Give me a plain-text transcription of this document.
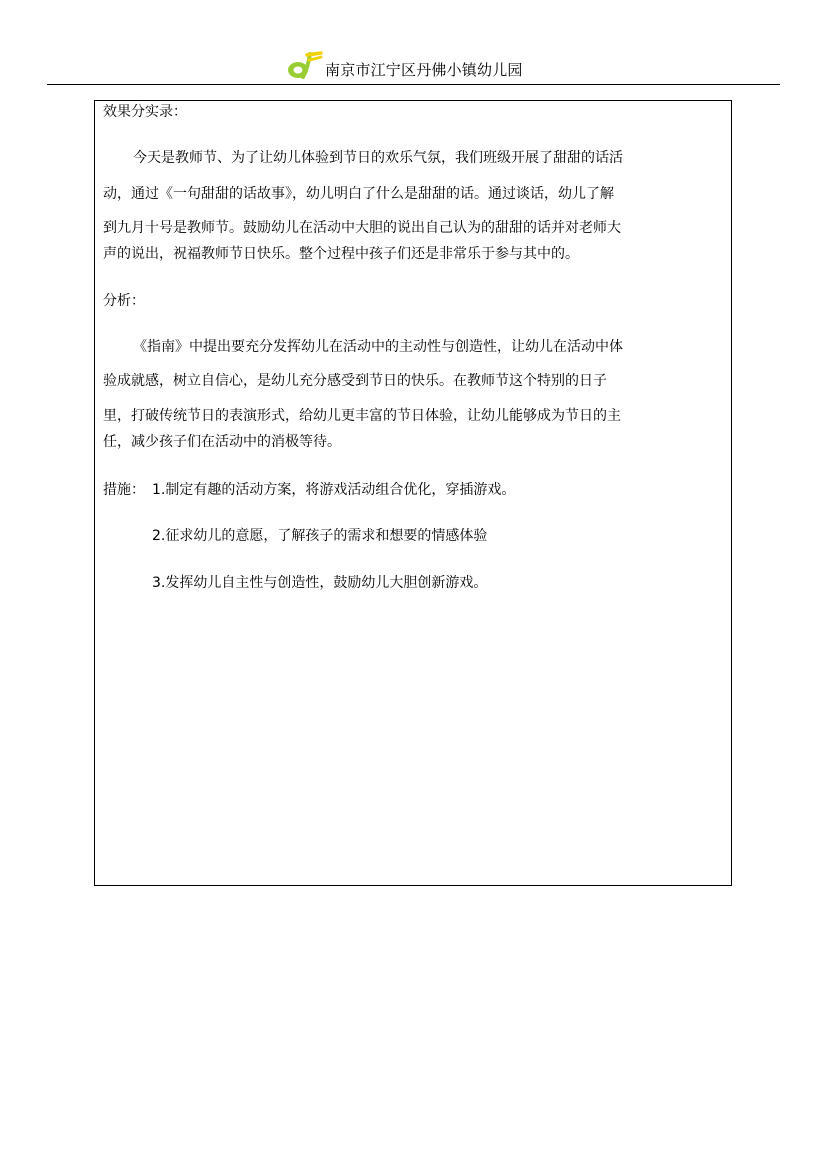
南京市江宁区丹佛小镇幼儿园
效果分实录：
今天是教师节、为了让幼儿体验到节日的欢乐气氛，我们班级开展了甜甜的话活
动，通过《一句甜甜的话故事》，幼儿明白了什么是甜甜的话。通过谈话，幼儿了解
到九月十号是教师节。鼓励幼儿在活动中大胆的说出自己认为的甜甜的话并对老师大
声的说出，祝福教师节日快乐。整个过程中孩子们还是非常乐于参与其中的。
分析：
《指南》中提出要充分发挥幼儿在活动中的主动性与创造性，让幼儿在活动中体
验成就感，树立自信心，是幼儿充分感受到节日的快乐。在教师节这个特别的日子
里，打破传统节日的表演形式，给幼儿更丰富的节日体验，让幼儿能够成为节日的主
任，减少孩子们在活动中的消极等待。
措施： 1.制定有趣的活动方案，将游戏活动组合优化，穿插游戏。
2.征求幼儿的意愿，了解孩子的需求和想要的情感体验
3.发挥幼儿自主性与创造性，鼓励幼儿大胆创新游戏。
